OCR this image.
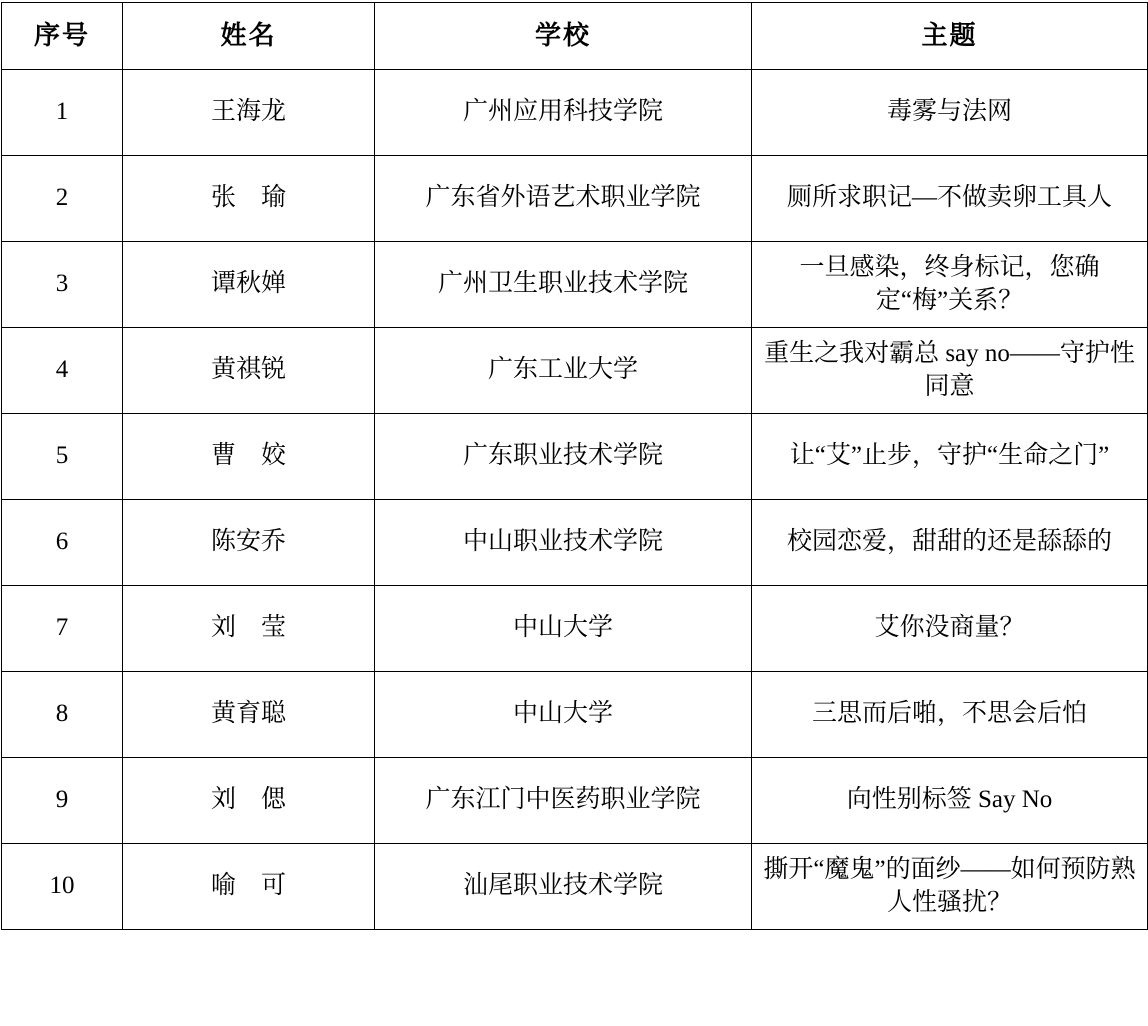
序号	姓名	学校	主题
1	王海龙	广州应用科技学院	毒雾与法网
2	张　瑜	广东省外语艺术职业学院	厕所求职记—不做卖卵工具人
3	谭秋婵	广州卫生职业技术学院	一旦感染，终身标记，您确定“梅”关系？
4	黄祺锐	广东工业大学	重生之我对霸总 say no——守护性同意
5	曹　姣	广东职业技术学院	让“艾”止步，守护“生命之门”
6	陈安乔	中山职业技术学院	校园恋爱，甜甜的还是舔舔的
7	刘　莹	中山大学	艾你没商量？
8	黄育聪	中山大学	三思而后啪，不思会后怕
9	刘　偲	广东江门中医药职业学院	向性别标签 Say No
10	喻　可	汕尾职业技术学院	撕开“魔鬼”的面纱——如何预防熟人性骚扰？
